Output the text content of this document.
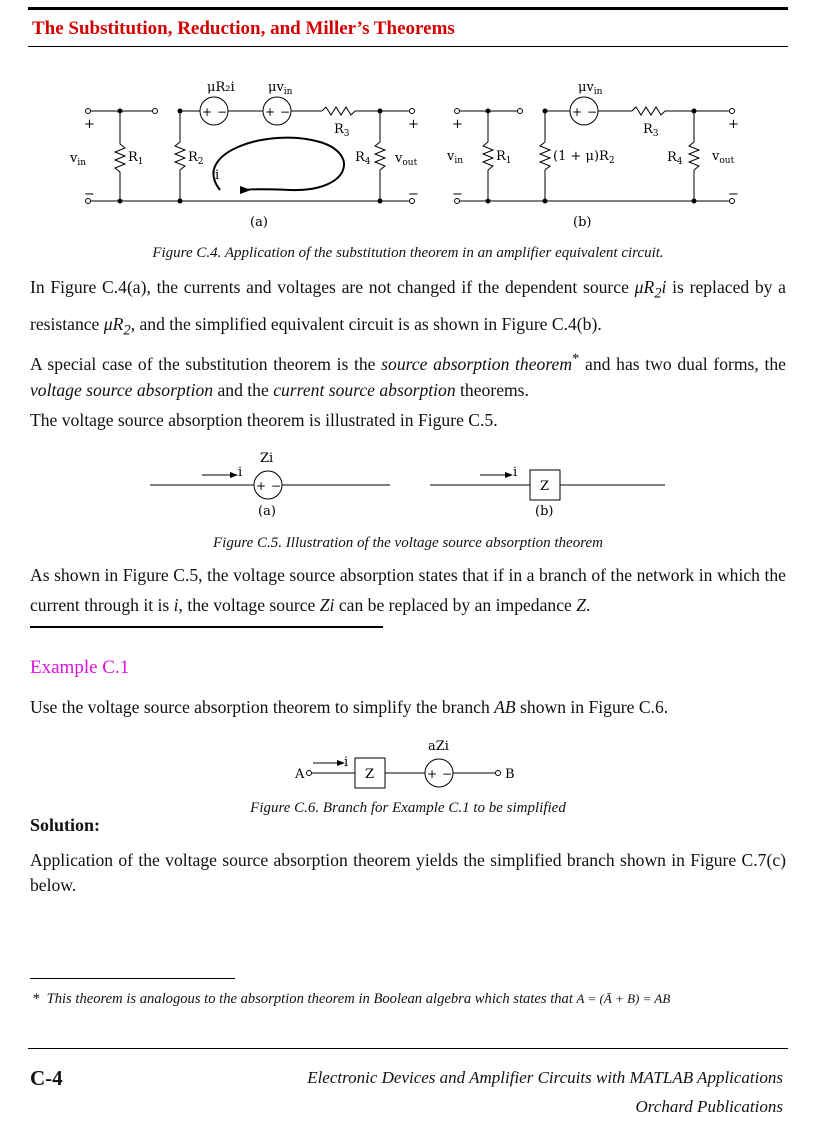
The Substitution, Reduction, and Miller’s Theorems
μR₂i
+ −
$\mu v_{in}$
+ −
$R_3$
+
−
$v_{in}$	$R_1$	$R_2$
i
$R_4$ $v_{out}$
+
−
(a)
$\mu v_{in}$
+ −
$R_3$
+
−
$v_{in}$	$R_1$	$(1 + \mu)R_2$	$R_4$ $v_{out}$
+
−
(b)
Figure C.4. Application of the substitution theorem in an amplifier equivalent circuit.
In Figure C.4(a), the currents and voltages are not changed if the dependent source $\mu R_2i$ is replaced by a resistance $\mu R_2$, and the simplified equivalent circuit is as shown in Figure C.4(b).
A special case of the substitution theorem is the source absorption theorem* and has two dual forms, the voltage source absorption and the current source absorption theorems.
The voltage source absorption theorem is illustrated in Figure C.5.
Zi
i
+ −
i
Z
(a)	(b)
Figure C.5. Illustration of the voltage source absorption theorem
As shown in Figure C.5, the voltage source absorption states that if in a branch of the network in which the current through it is i, the voltage source Zi can be replaced by an impedance Z.
Example C.1
Use the voltage source absorption theorem to simplify the branch AB shown in Figure C.6.
A
i
Z
aZi
+ −	B
Figure C.6. Branch for Example C.1 to be simplified
Solution:
Application of the voltage source absorption theorem yields the simplified branch shown in Figure C.7(c) below.
* This theorem is analogous to the absorption theorem in Boolean algebra which states that A = (Ā + B) = AB
C-4	Electronic Devices and Amplifier Circuits with MATLAB Applications
Orchard Publications
